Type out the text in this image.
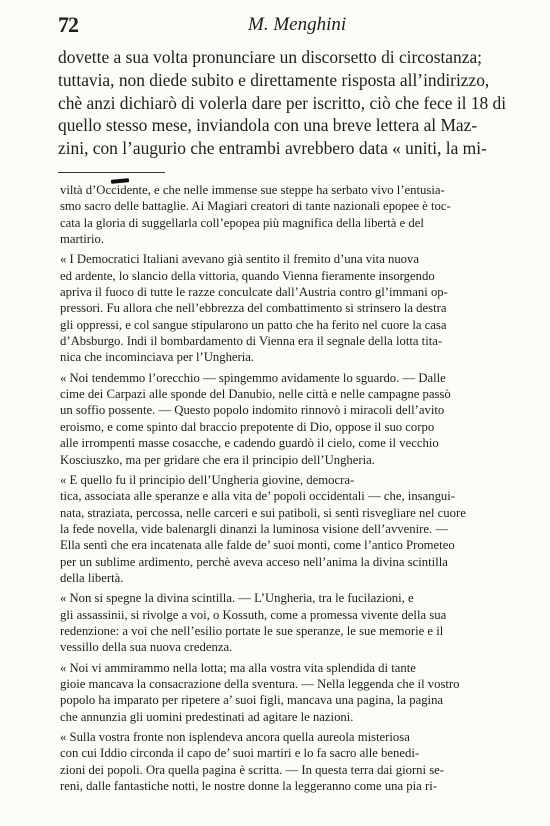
72	M. Menghini
dovette a sua volta pronunciare un discorsetto di circostanza;
tuttavia, non diede subito e direttamente risposta all’indirizzo,
chè anzi dichiarò di volerla dare per iscritto, ciò che fece il 18 di
quello stesso mese, inviandola con una breve lettera al Maz-
zini, con l’augurio che entrambi avrebbero data « uniti, la mi-
viltà d’Occidente, e che nelle immense sue steppe ha serbato vivo l’entusia-
smo sacro delle battaglie. Ai Magiari creatori di tante nazionali epopee è toc-
cata la gloria di suggellarla coll’epopea più magnifica della libertà e del
martirio.
« I Democratici Italiani avevano già sentito il fremito d’una vita nuova
ed ardente, lo slancio della vittoria, quando Vienna fieramente insorgendo
apriva il fuoco di tutte le razze conculcate dall’Austria contro gl’immani op-
pressori. Fu allora che nell’ebbrezza del combattimento si strinsero la destra
gli oppressi, e col sangue stipularono un patto che ha ferito nel cuore la casa
d’Absburgo. Indi il bombardamento di Vienna era il segnale della lotta tita-
nica che incominciava per l’Ungheria.
« Noi tendemmo l’orecchio — spingemmo avidamente lo sguardo. — Dalle
cime dei Carpazi alle sponde del Danubio, nelle città e nelle campagne passò
un soffio possente. — Questo popolo indomito rinnovò i miracoli dell’avito
eroismo, e come spinto dal braccio prepotente di Dio, oppose il suo corpo
alle irrompenti masse cosacche, e cadendo guardò il cielo, come il vecchio
Kosciuszko, ma per gridare che era il principio dell’Ungheria.
« E quello fu il principio dell’Ungheria giovine, democra-
tica, associata alle speranze e alla vita de’ popoli occidentali — che, insangui-
nata, straziata, percossa, nelle carceri e sui patiboli, si sentì risvegliare nel cuore
la fede novella, vide balenargli dinanzi la luminosa visione dell’avvenire. —
Ella sentì che era incatenata alle falde de’ suoi monti, come l’antico Prometeo
per un sublime ardimento, perchè aveva acceso nell’anima la divina scintilla
della libertà.
« Non si spegne la divina scintilla. — L’Ungheria, tra le fucilazioni, e
gli assassinii, si rivolge a voi, o Kossuth, come a promessa vivente della sua
redenzione: a voi che nell’esilio portate le sue speranze, le sue memorie e il
vessillo della sua nuova credenza.
« Noi vi ammirammo nella lotta; ma alla vostra vita splendida di tante
gioie mancava la consacrazione della sventura. — Nella leggenda che il vostro
popolo ha imparato per ripetere a’ suoi figli, mancava una pagina, la pagina
che annunzia gli uomini predestinati ad agitare le nazioni.
« Sulla vostra fronte non isplendeva ancora quella aureola misteriosa
con cui Iddio circonda il capo de’ suoi martiri e lo fa sacro alle benedi-
zioni dei popoli. Ora quella pagina è scritta. — In questa terra dai giorni se-
reni, dalle fantastiche notti, le nostre donne la leggeranno come una pia ri-
